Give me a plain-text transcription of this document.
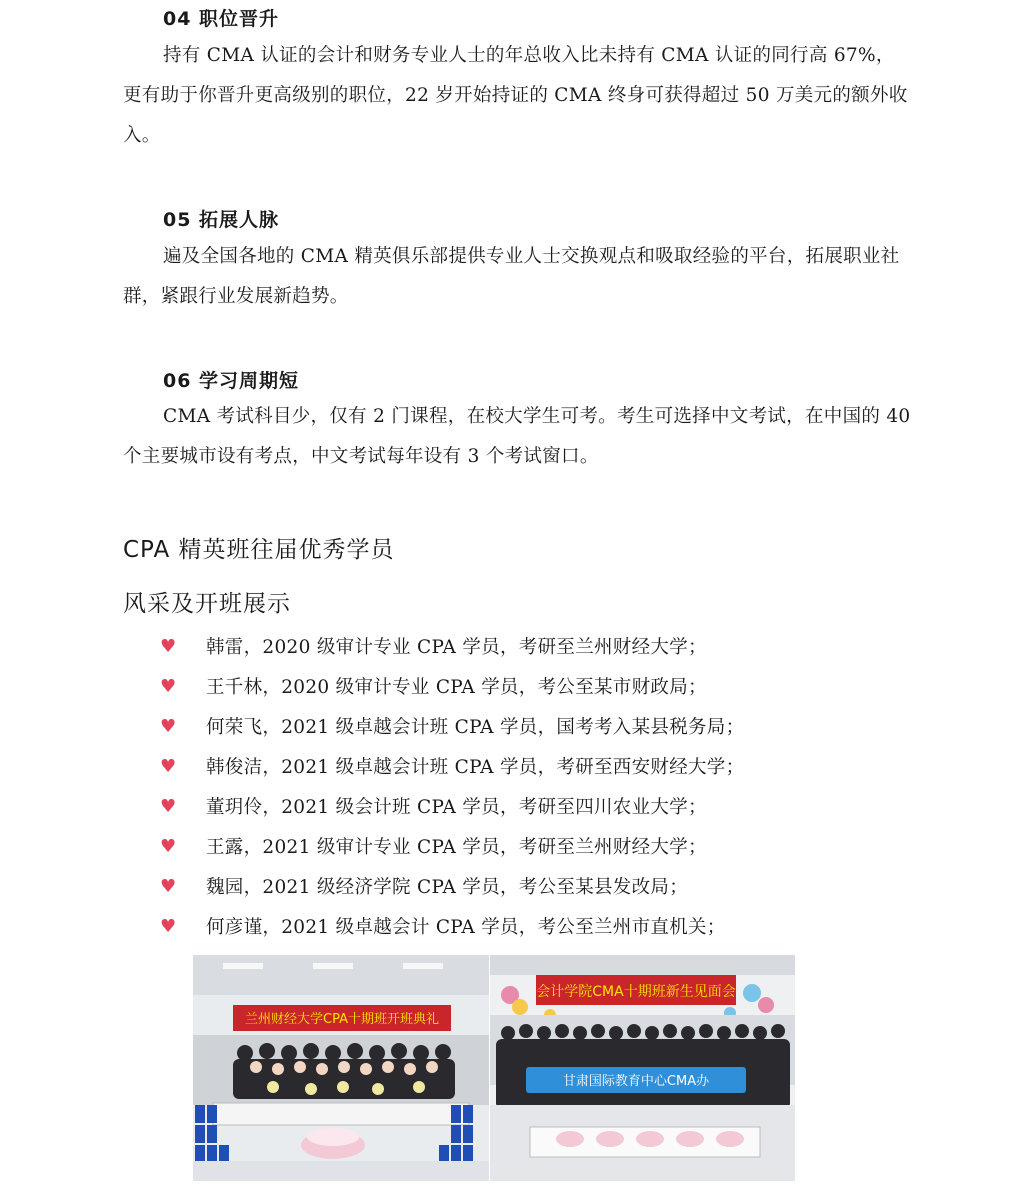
04 职位晋升

持有 CMA 认证的会计和财务专业人士的年总收入比未持有 CMA 认证的同行高 67%，更有助于你晋升更高级别的职位，22 岁开始持证的 CMA 终身可获得超过 50 万美元的额外收入。

05 拓展人脉

遍及全国各地的 CMA 精英俱乐部提供专业人士交换观点和吸取经验的平台，拓展职业社群，紧跟行业发展新趋势。

06 学习周期短

CMA 考试科目少，仅有 2 门课程，在校大学生可考。考生可选择中文考试，在中国的 40 个主要城市设有考点，中文考试每年设有 3 个考试窗口。

CPA 精英班往届优秀学员
风采及开班展示
♥	韩雷，2020 级审计专业 CPA 学员，考研至兰州财经大学；
♥	王千林，2020 级审计专业 CPA 学员，考公至某市财政局；
♥	何荣飞，2021 级卓越会计班 CPA 学员，国考考入某县税务局；
♥	韩俊洁，2021 级卓越会计班 CPA 学员，考研至西安财经大学；
♥	董玥伶，2021 级会计班 CPA 学员，考研至四川农业大学；
♥	王露，2021 级审计专业 CPA 学员，考研至兰州财经大学；
♥	魏园，2021 级经济学院 CPA 学员，考公至某县发改局；
♥	何彦谨，2021 级卓越会计 CPA 学员，考公至兰州市直机关；
兰州财经大学CPA十期班开班典礼
会计学院CMA十期班新生见面会
甘肃国际教育中心CMA办
